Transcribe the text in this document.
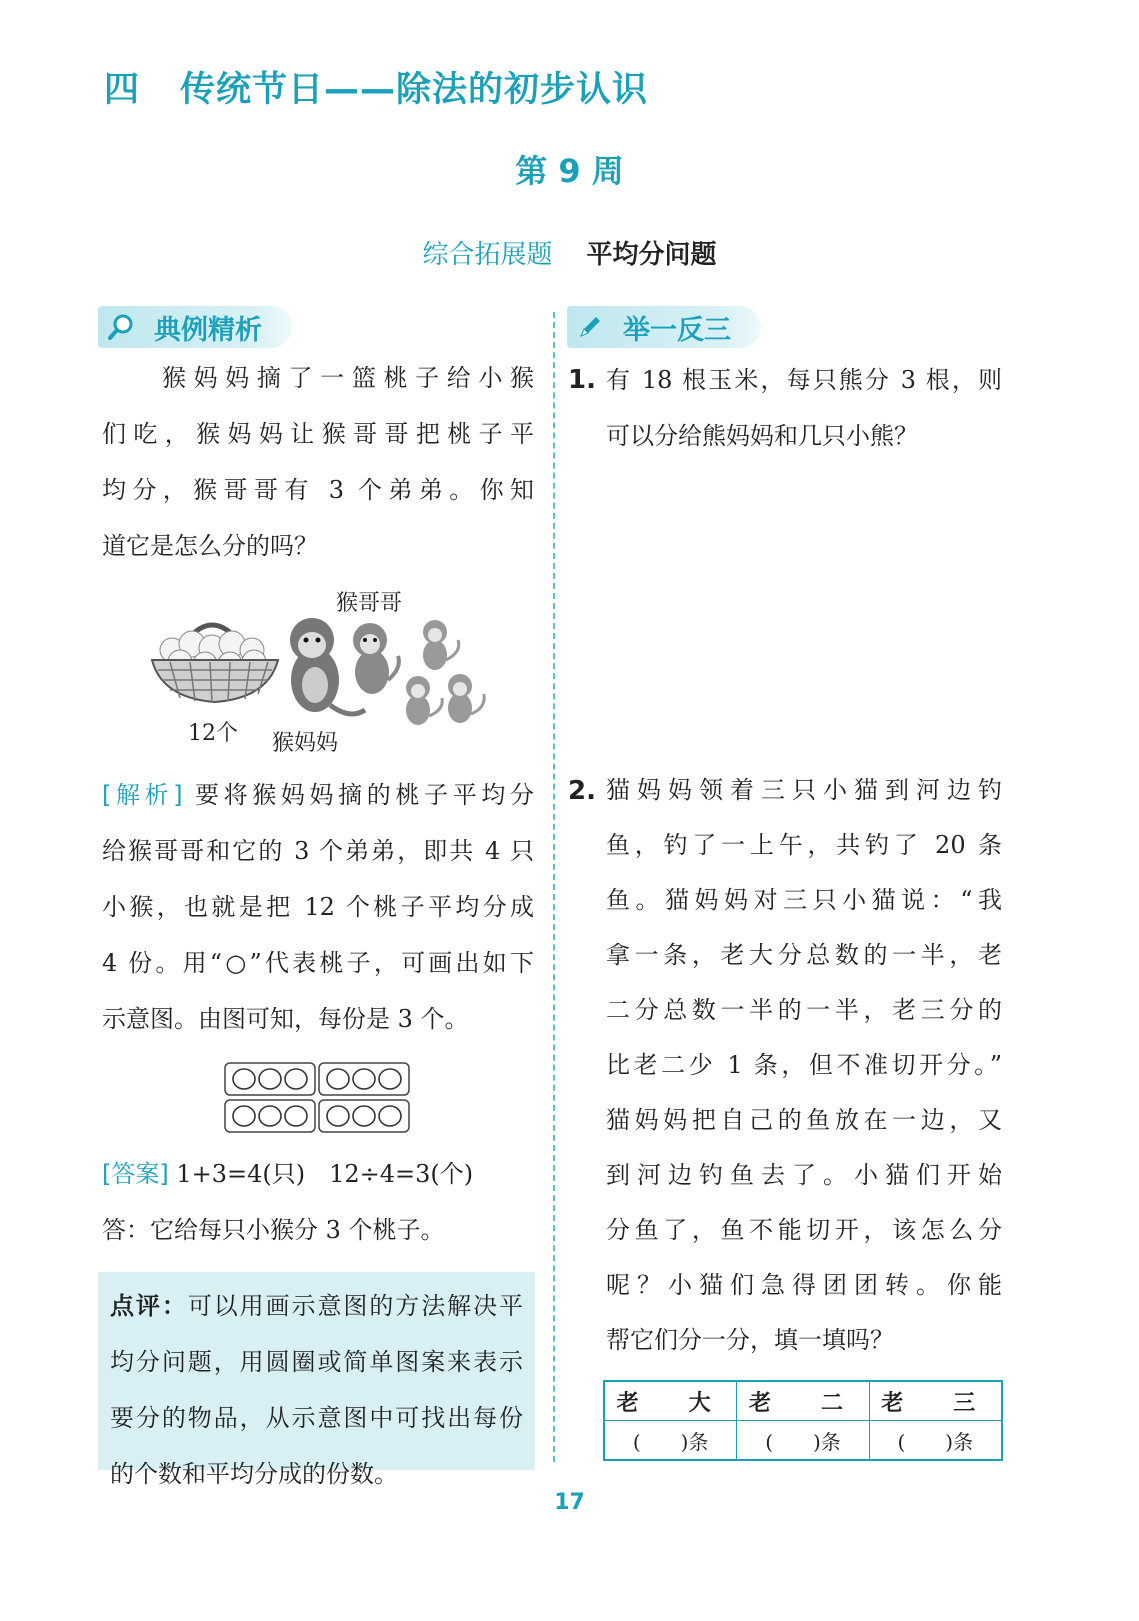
四 传统节日——除法的初步认识
第 9 周
综合拓展题 平均分问题
典例精析
猴妈妈摘了一篮桃子给小猴
们吃，猴妈妈让猴哥哥把桃子平
均分，猴哥哥有 3 个弟弟。你知
道它是怎么分的吗？
猴哥哥
12个 猴妈妈
[解析] 要将猴妈妈摘的桃子平均分
给猴哥哥和它的 3 个弟弟，即共 4 只
小猴，也就是把 12 个桃子平均分成
4 份。用“○”代表桃子，可画出如下
示意图。由图可知，每份是 3 个。
[答案] 1+3=4(只)　12÷4=3(个)
答：它给每只小猴分 3 个桃子。
点评：可以用画示意图的方法解决平
均分问题，用圆圈或简单图案来表示
要分的物品，从示意图中可找出每份
的个数和平均分成的份数。
举一反三
1. 有 18 根玉米，每只熊分 3 根，则
可以分给熊妈妈和几只小熊？
2. 猫妈妈领着三只小猫到河边钓
鱼，钓了一上午，共钓了 20 条
鱼。猫妈妈对三只小猫说：“我
拿一条，老大分总数的一半，老
二分总数一半的一半，老三分的
比老二少 1 条，但不准切开分。”
猫妈妈把自己的鱼放在一边，又
到河边钓鱼去了。小猫们开始
分鱼了，鱼不能切开，该怎么分
呢？小猫们急得团团转。你能
帮它们分一分，填一填吗？
老　大	老　二	老　三
(　　)条	(　　)条	(　　)条
17
